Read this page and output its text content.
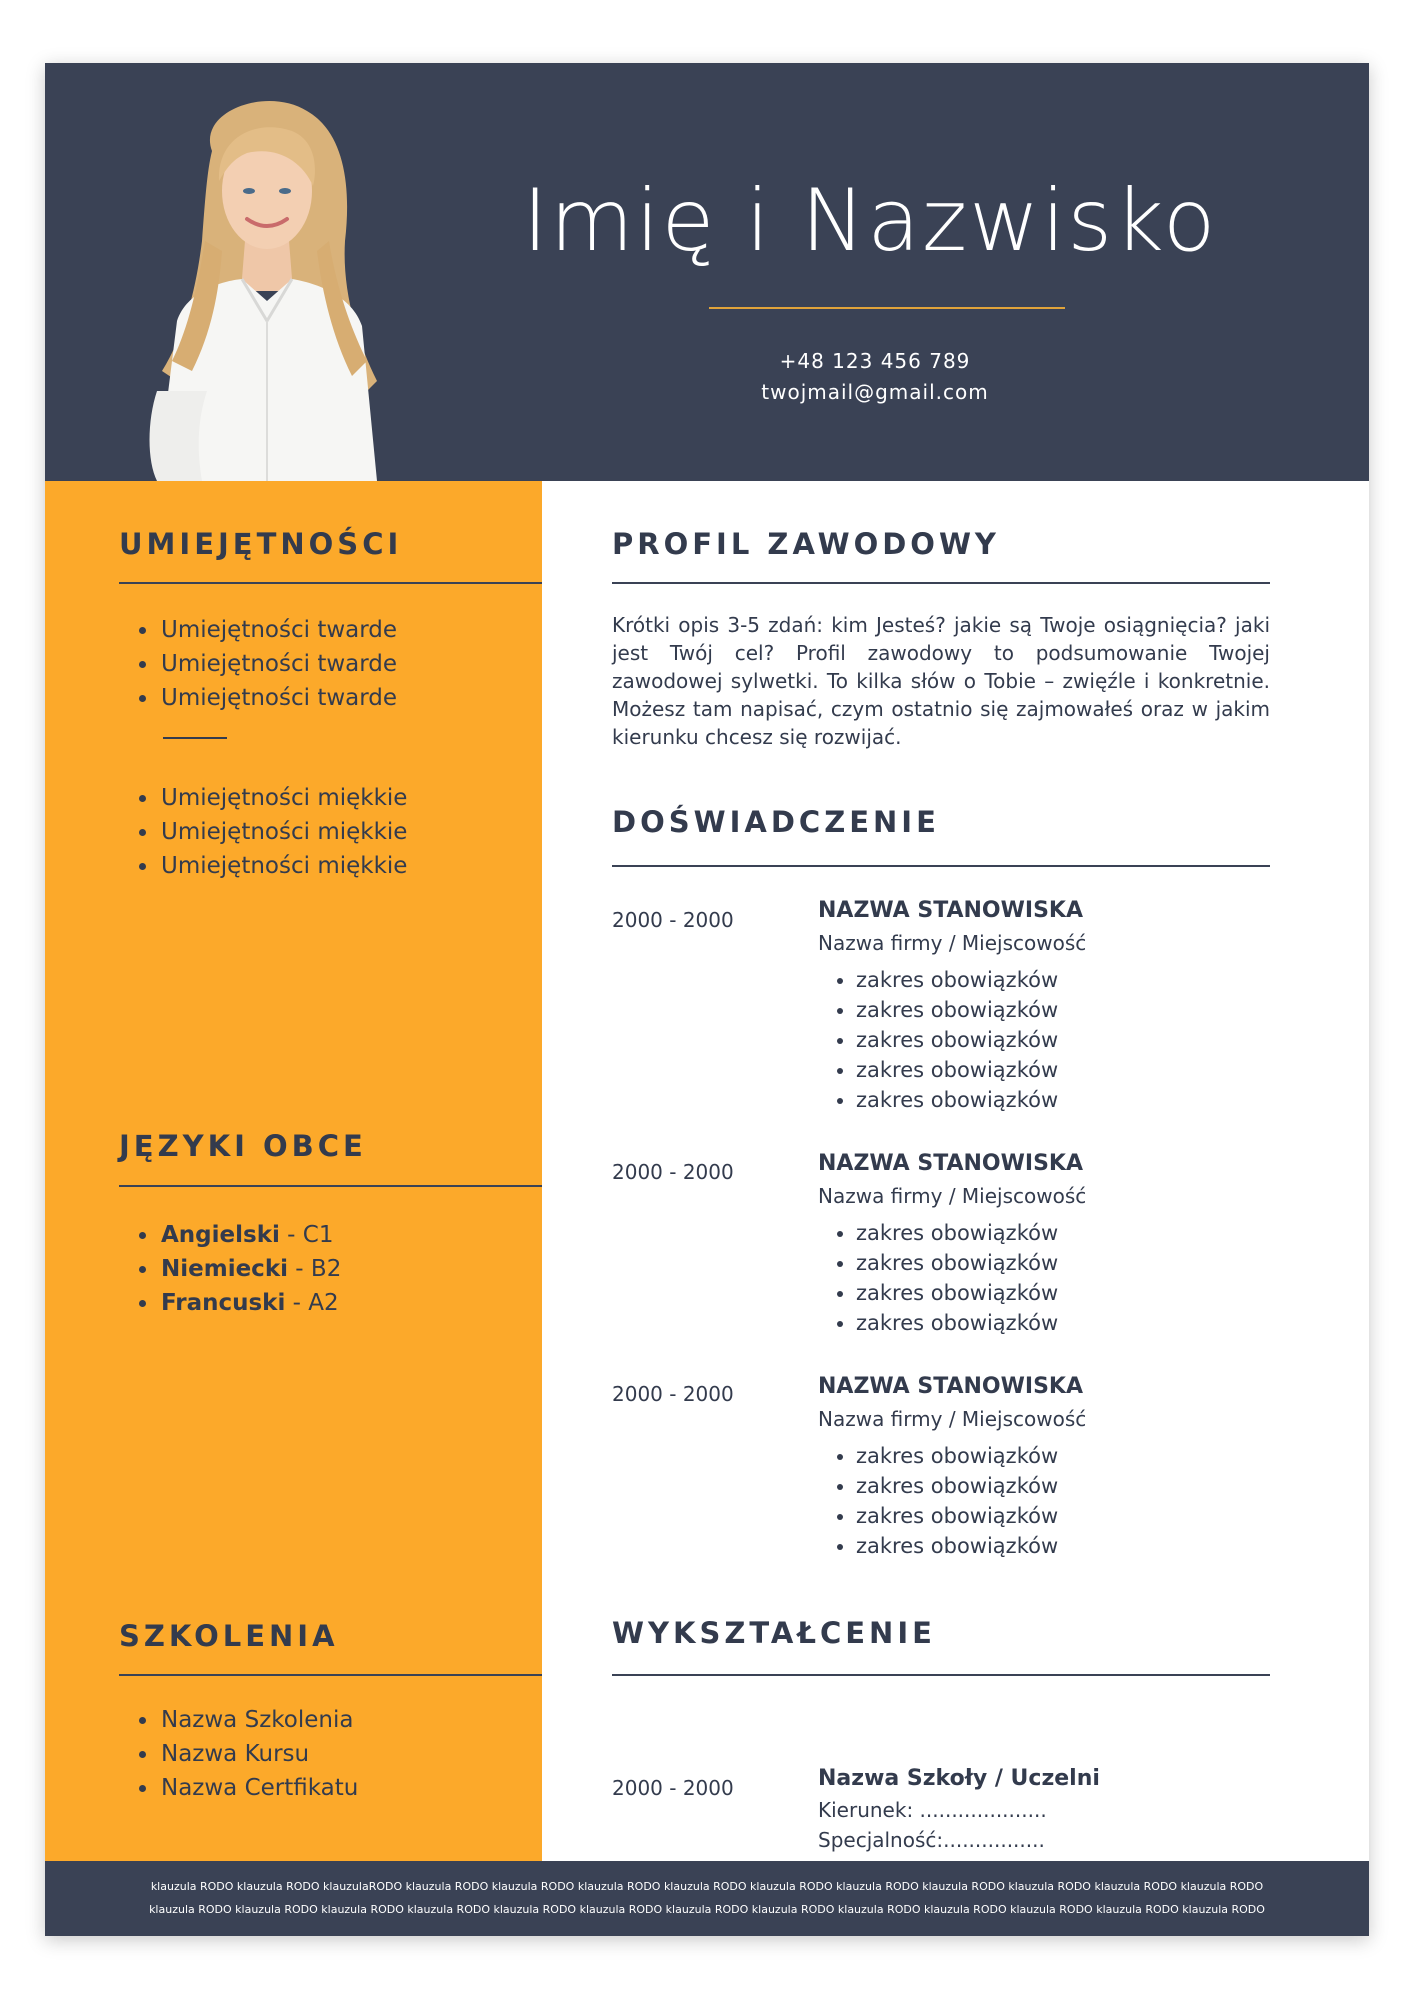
Imię i Nazwisko
+48 123 456 789
twojmail@gmail.com
UMIEJĘTNOŚCI
• Umiejętności twarde
• Umiejętności twarde
• Umiejętności twarde
• Umiejętności miękkie
• Umiejętności miękkie
• Umiejętności miękkie
JĘZYKI OBCE
• Angielski - C1
• Niemiecki - B2
• Francuski - A2
SZKOLENIA
• Nazwa Szkolenia
• Nazwa Kursu
• Nazwa Certfikatu
PROFIL ZAWODOWY

Krótki opis 3-5 zdań: kim Jesteś? jakie są Twoje osiągnięcia? jaki jest Twój cel? Profil zawodowy to podsumowanie Twojej zawodowej sylwetki. To kilka słów o Tobie – zwięźle i konkretnie. Możesz tam napisać, czym ostatnio się zajmowałeś oraz w jakim kierunku chcesz się rozwijać.

DOŚWIADCZENIE
2000 - 2000	NAZWA STANOWISKA
Nazwa firmy / Miejscowość
• zakres obowiązków
• zakres obowiązków
• zakres obowiązków
• zakres obowiązków
• zakres obowiązków
2000 - 2000	NAZWA STANOWISKA
Nazwa firmy / Miejscowość
• zakres obowiązków
• zakres obowiązków
• zakres obowiązków
• zakres obowiązków
2000 - 2000	NAZWA STANOWISKA
Nazwa firmy / Miejscowość
• zakres obowiązków
• zakres obowiązków
• zakres obowiązków
• zakres obowiązków
WYKSZTAŁCENIE
2000 - 2000	Nazwa Szkoły / Uczelni
Kierunek: ....................
Specjalność:................
klauzula RODO klauzula RODO klauzulaRODO klauzula RODO klauzula RODO klauzula RODO klauzula RODO klauzula RODO klauzula RODO klauzula RODO klauzula RODO klauzula RODO klauzula RODO
klauzula RODO klauzula RODO klauzula RODO klauzula RODO klauzula RODO klauzula RODO klauzula RODO klauzula RODO klauzula RODO klauzula RODO klauzula RODO klauzula RODO klauzula RODO
